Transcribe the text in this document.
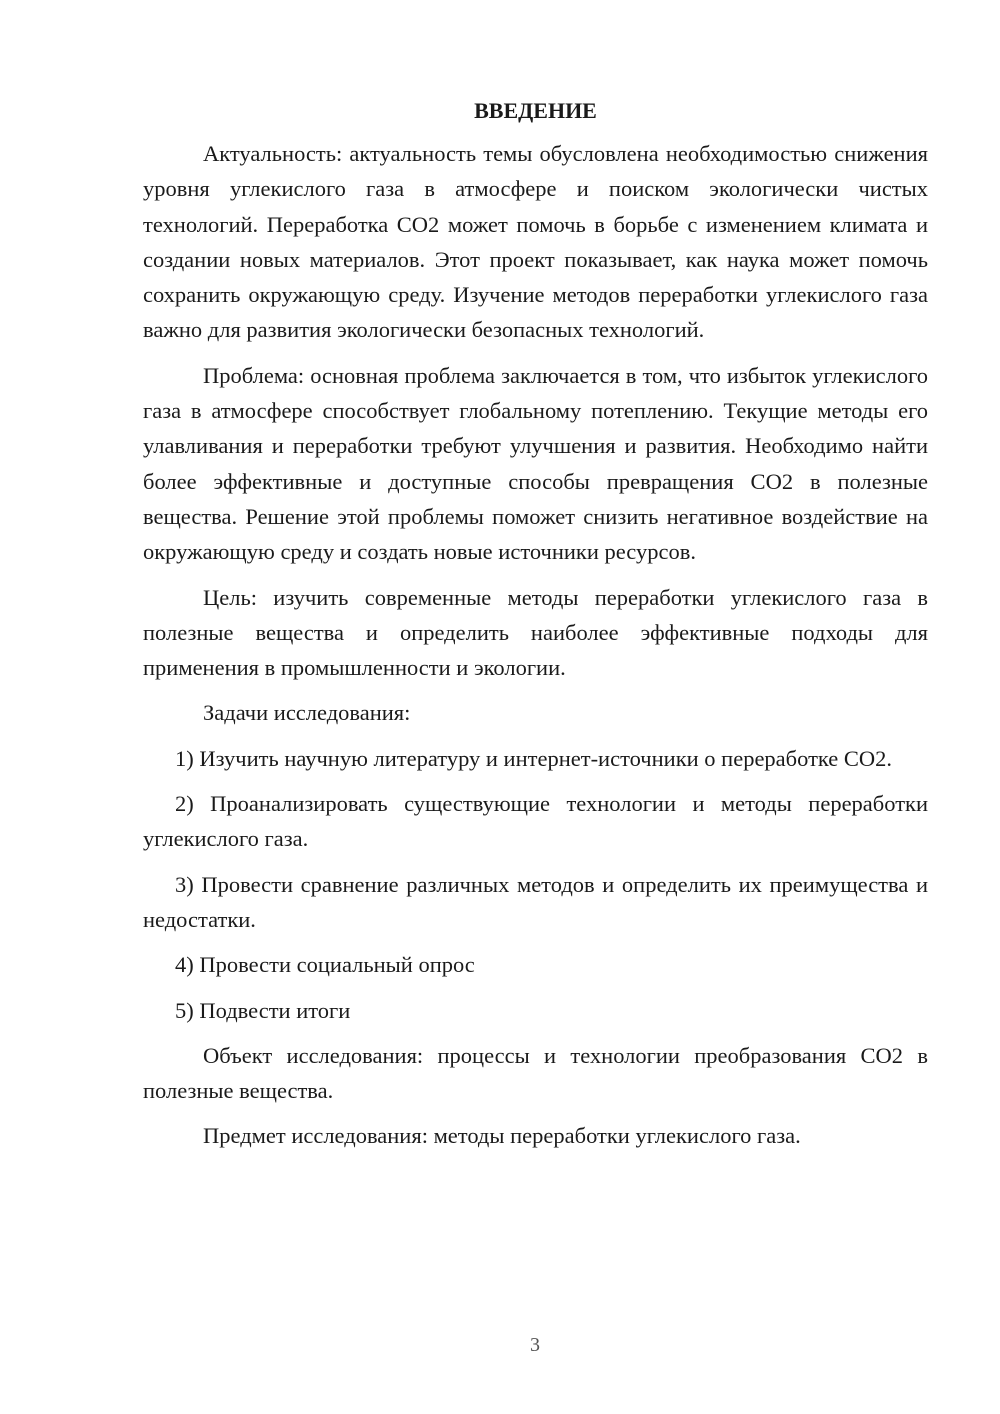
ВВЕДЕНИЕ

Актуальность: актуальность темы обусловлена необходимостью снижения уровня углекислого газа в атмосфере и поиском экологически чистых технологий. Переработка CO2 может помочь в борьбе с изменением климата и создании новых материалов. Этот проект показывает, как наука может помочь сохранить окружающую среду. Изучение методов переработки углекислого газа важно для развития экологически безопасных технологий.

Проблема: основная проблема заключается в том, что избыток углекислого газа в атмосфере способствует глобальному потеплению. Текущие методы его улавливания и переработки требуют улучшения и развития. Необходимо найти более эффективные и доступные способы превращения CO2 в полезные вещества. Решение этой проблемы поможет снизить негативное воздействие на окружающую среду и создать новые источники ресурсов.

Цель: изучить современные методы переработки углекислого газа в полезные вещества и определить наиболее эффективные подходы для применения в промышленности и экологии.

Задачи исследования:

1) Изучить научную литературу и интернет-источники о переработке CO2.

2) Проанализировать существующие технологии и методы переработки углекислого газа.

3) Провести сравнение различных методов и определить их преимущества и недостатки.

4) Провести социальный опрос

5) Подвести итоги

Объект исследования: процессы и технологии преобразования CO2 в полезные вещества.

Предмет исследования: методы переработки углекислого газа.

3
